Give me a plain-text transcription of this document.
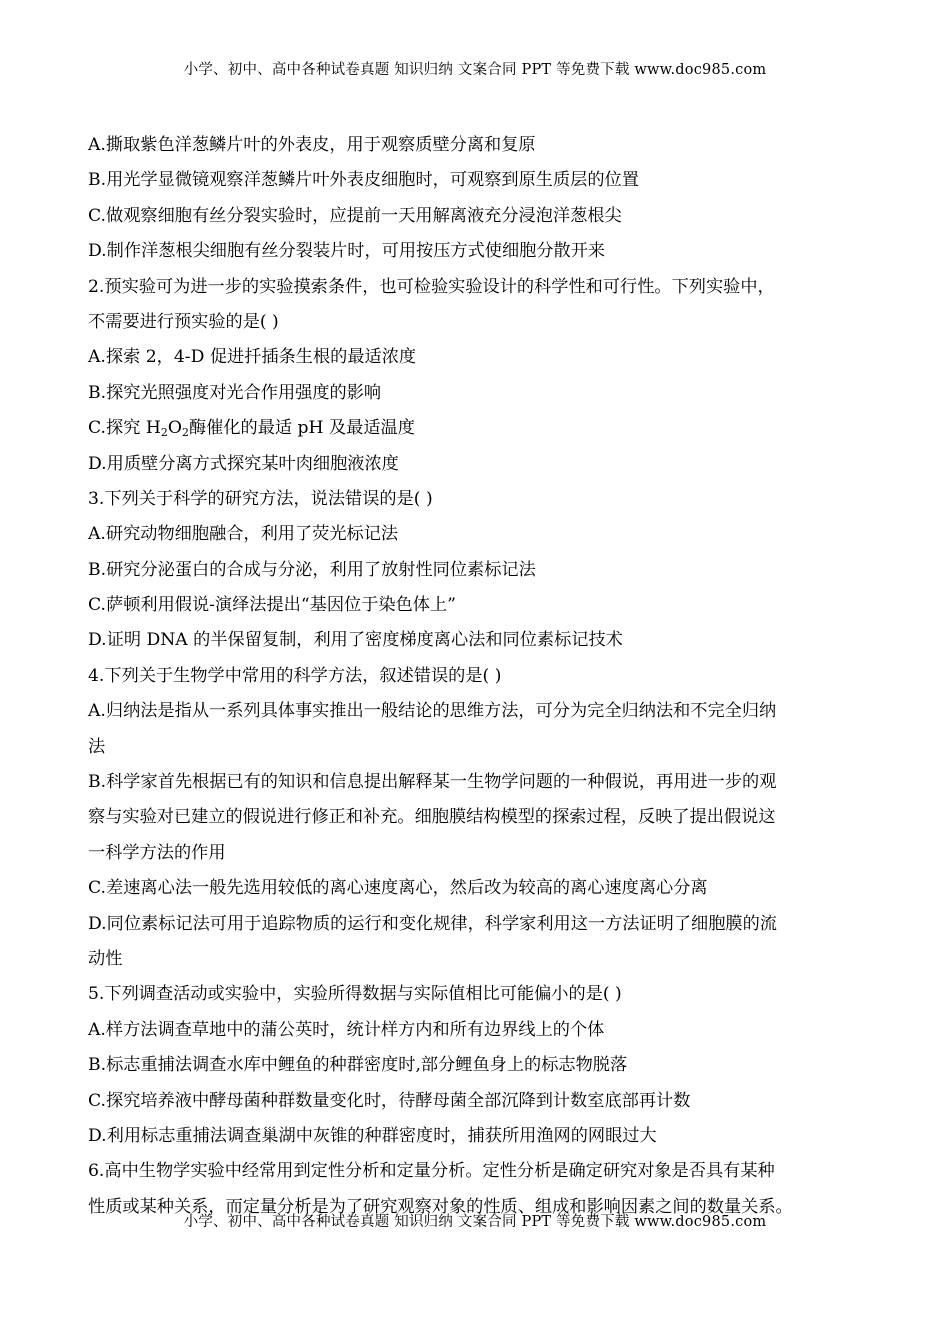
小学、初中、高中各种试卷真题 知识归纳 文案合同 PPT 等免费下载 www.doc985.com
A.撕取紫色洋葱鳞片叶的外表皮，用于观察质壁分离和复原
B.用光学显微镜观察洋葱鳞片叶外表皮细胞时，可观察到原生质层的位置
C.做观察细胞有丝分裂实验时，应提前一天用解离液充分浸泡洋葱根尖
D.制作洋葱根尖细胞有丝分裂装片时，可用按压方式使细胞分散开来
2.预实验可为进一步的实验摸索条件，也可检验实验设计的科学性和可行性。下列实验中，
不需要进行预实验的是( )
A.探索 2，4-D 促进扦插条生根的最适浓度
B.探究光照强度对光合作用强度的影响
C.探究 $H_2O_2$酶催化的最适 pH 及最适温度
D.用质壁分离方式探究某叶肉细胞液浓度
3.下列关于科学的研究方法，说法错误的是( )
A.研究动物细胞融合，利用了荧光标记法
B.研究分泌蛋白的合成与分泌，利用了放射性同位素标记法
C.萨顿利用假说-演绎法提出“基因位于染色体上”
D.证明 DNA 的半保留复制，利用了密度梯度离心法和同位素标记技术
4.下列关于生物学中常用的科学方法，叙述错误的是( )
A.归纳法是指从一系列具体事实推出一般结论的思维方法，可分为完全归纳法和不完全归纳
法
B.科学家首先根据已有的知识和信息提出解释某一生物学问题的一种假说，再用进一步的观
察与实验对已建立的假说进行修正和补充。细胞膜结构模型的探索过程，反映了提出假说这
一科学方法的作用
C.差速离心法一般先选用较低的离心速度离心，然后改为较高的离心速度离心分离
D.同位素标记法可用于追踪物质的运行和变化规律，科学家利用这一方法证明了细胞膜的流
动性
5.下列调查活动或实验中，实验所得数据与实际值相比可能偏小的是( )
A.样方法调查草地中的蒲公英时，统计样方内和所有边界线上的个体
B.标志重捕法调查水库中鲤鱼的种群密度时,部分鲤鱼身上的标志物脱落
C.探究培养液中酵母菌种群数量变化时，待酵母菌全部沉降到计数室底部再计数
D.利用标志重捕法调查巢湖中灰锥的种群密度时，捕获所用渔网的网眼过大
6.高中生物学实验中经常用到定性分析和定量分析。定性分析是确定研究对象是否具有某种
性质或某种关系，而定量分析是为了研究观察对象的性质、组成和影响因素之间的数量关系。
小学、初中、高中各种试卷真题 知识归纳 文案合同 PPT 等免费下载 www.doc985.com
